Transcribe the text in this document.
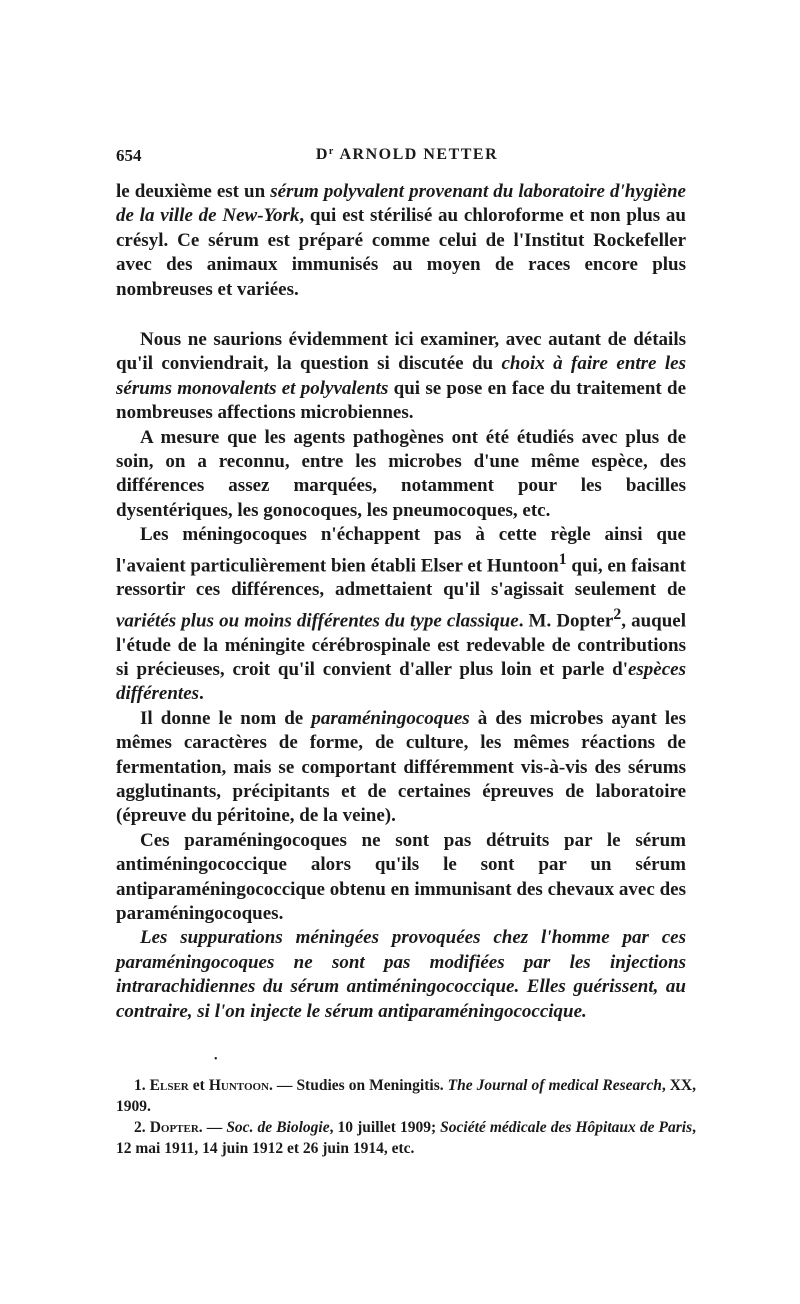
654	$D^r$ ARNOLD NETTER

le deuxième est un sérum polyvalent provenant du laboratoire d'hygiène de la ville de New-York, qui est stérilisé au chloroforme et non plus au crésyl. Ce sérum est préparé comme celui de l'Institut Rockefeller avec des animaux immunisés au moyen de races encore plus nombreuses et variées.

Nous ne saurions évidemment ici examiner, avec autant de détails qu'il conviendrait, la question si discutée du choix à faire entre les sérums monovalents et polyvalents qui se pose en face du traitement de nombreuses affections microbiennes.

A mesure que les agents pathogènes ont été étudiés avec plus de soin, on a reconnu, entre les microbes d'une même espèce, des différences assez marquées, notamment pour les bacilles dysentériques, les gonocoques, les pneumocoques, etc.

Les méningocoques n'échappent pas à cette règle ainsi que l'avaient particulièrement bien établi Elser et Huntoon$^1$ qui, en faisant ressortir ces différences, admettaient qu'il s'agissait seulement de variétés plus ou moins différentes du type classique. M. Dopter$^2$, auquel l'étude de la méningite cérébrospinale est redevable de contributions si précieuses, croit qu'il convient d'aller plus loin et parle d'espèces différentes.

Il donne le nom de paraméningocoques à des microbes ayant les mêmes caractères de forme, de culture, les mêmes réactions de fermentation, mais se comportant différemment vis-à-vis des sérums agglutinants, précipitants et de certaines épreuves de laboratoire (épreuve du péritoine, de la veine).

Ces paraméningocoques ne sont pas détruits par le sérum antiméningococcique alors qu'ils le sont par un sérum antiparaméningococcique obtenu en immunisant des chevaux avec des paraméningocoques.

Les suppurations méningées provoquées chez l'homme par ces paraméningocoques ne sont pas modifiées par les injections intrarachidiennes du sérum antiméningococcique. Elles guérissent, au contraire, si l'on injecte le sérum antiparaméningococcique.

•

1. Elser et Huntoon. — Studies on Meningitis. The Journal of medical Research, XX, 1909.

2. Dopter. — Soc. de Biologie, 10 juillet 1909; Société médicale des Hôpitaux de Paris, 12 mai 1911, 14 juin 1912 et 26 juin 1914, etc.
